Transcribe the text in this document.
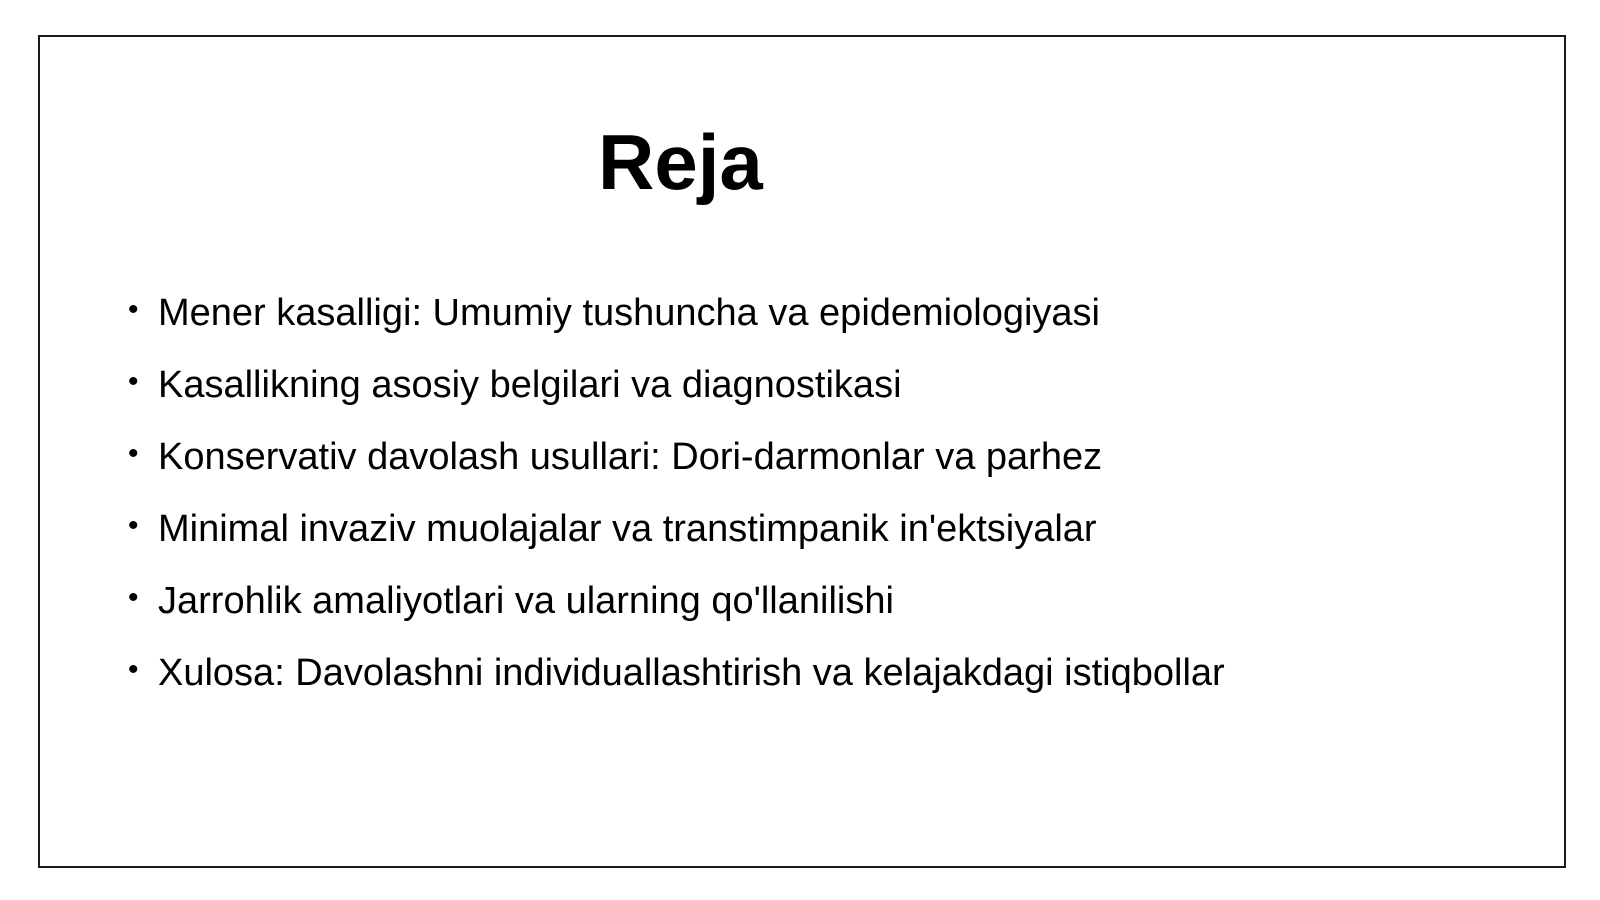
Reja
• Mener kasalligi: Umumiy tushuncha va epidemiologiyasi
• Kasallikning asosiy belgilari va diagnostikasi
• Konservativ davolash usullari: Dori-darmonlar va parhez
• Minimal invaziv muolajalar va transtimpanik in'ektsiyalar
• Jarrohlik amaliyotlari va ularning qo'llanilishi
• Xulosa: Davolashni individuallashtirish va kelajakdagi istiqbollar
